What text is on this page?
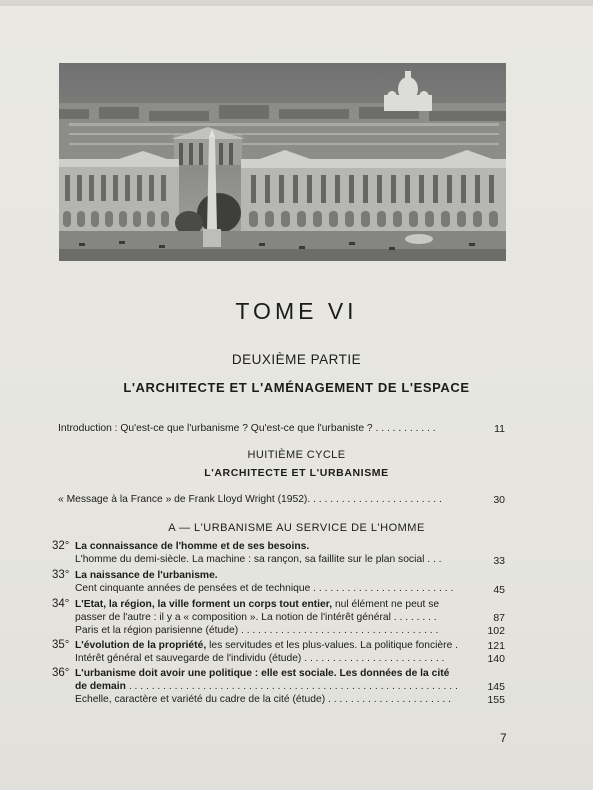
TOME VI
DEUXIÈME PARTIE
L'ARCHITECTE ET L'AMÉNAGEMENT DE L'ESPACE
Introduction : Qu'est-ce que l'urbanisme ? Qu'est-ce que l'urbaniste ? . . . . . . . . . . .	11
HUITIÈME CYCLE
L'ARCHITECTE ET L'URBANISME
« Message à la France » de Frank Lloyd Wright (1952). . . . . . . . . . . . . . . . . . . . . . . .	30
A — L'URBANISME AU SERVICE DE L'HOMME
32° La connaissance de l'homme et de ses besoins.
L'homme du demi-siècle. La machine : sa rançon, sa faillite sur le plan social . . .	33
33° La naissance de l'urbanisme.
Cent cinquante années de pensées et de technique . . . . . . . . . . . . . . . . . . . . . . . . .	45
34° L'Etat, la région, la ville forment un corps tout entier, nul élément ne peut se
passer de l'autre : il y a « composition ». La notion de l'intérêt général . . . . . . . .	87
Paris et la région parisienne (étude) . . . . . . . . . . . . . . . . . . . . . . . . . . . . . . . . . . .	102
35° L'évolution de la propriété, les servitudes et les plus-values. La politique foncière .	121
Intérêt général et sauvegarde de l'individu (étude) . . . . . . . . . . . . . . . . . . . . . . . . .	140
36° L'urbanisme doit avoir une politique : elle est sociale. Les données de la cité
de demain . . . . . . . . . . . . . . . . . . . . . . . . . . . . . . . . . . . . . . . . . . . . . . . . . . . . . . . . . .	145
Echelle, caractère et variété du cadre de la cité (étude) . . . . . . . . . . . . . . . . . . . . . .	155
7
